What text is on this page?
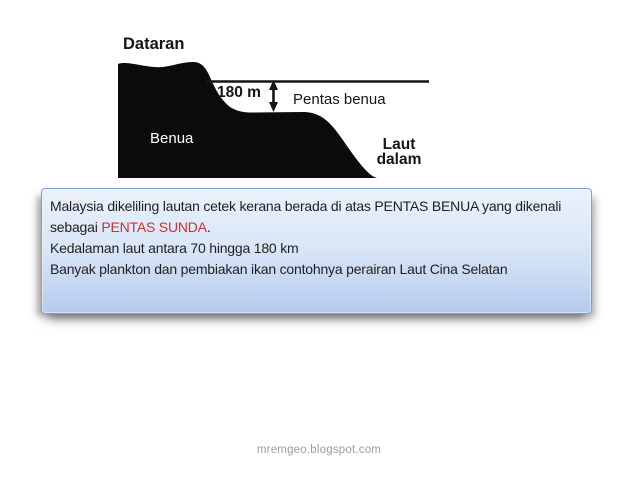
Dataran
180 m Pentas benua
Benua	Laut
dalam
Malaysia dikeliling lautan cetek kerana berada di atas PENTAS BENUA yang dikenali
sebagai PENTAS SUNDA.
Kedalaman laut antara 70 hingga 180 km
Banyak plankton dan pembiakan ikan contohnya perairan Laut Cina Selatan
mremgeo.blogspot.com
